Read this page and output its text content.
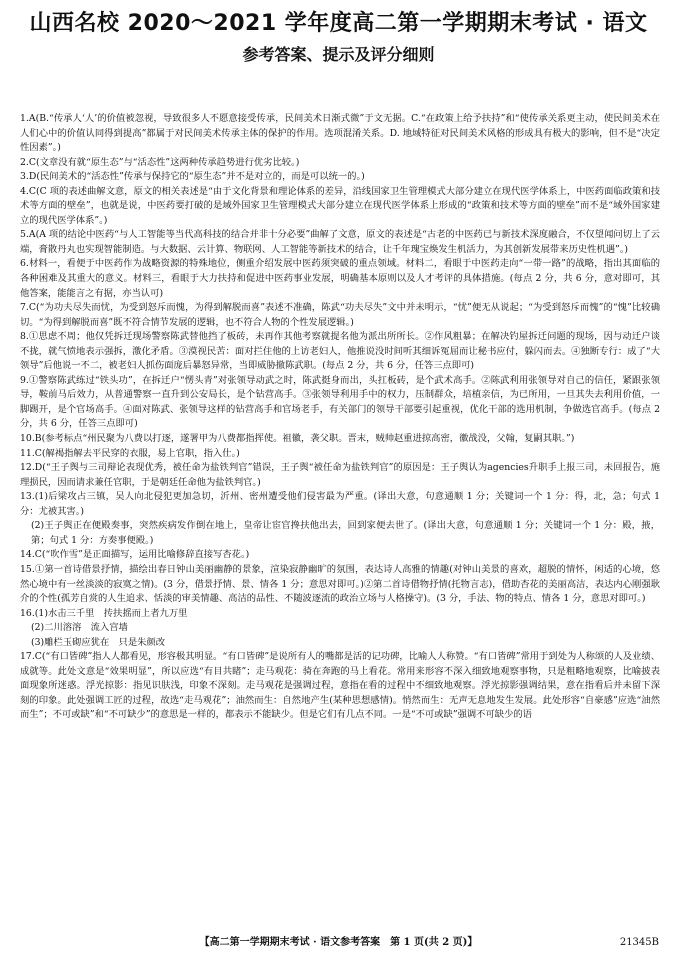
山西名校 2020～2021 学年度高二第一学期期末考试 · 语文
参考答案、提示及评分细则

1.A(B.“传承人‘人’的价值被忽视，导致很多人不愿意接受传承，民间美术日渐式微”于文无据。C.“在政策上给予扶持”和“使传承关系更主动，使民间美术在人们心中的价值认同得到提高”都属于对民间美术传承主体的保护的作用。选项混淆关系。D. 地域特征对民间美术风格的形成具有极大的影响，但不是“决定性因素”。)

2.C(文章没有就“原生态”与“活态性”这两种传承趋势进行优劣比较。)

3.D(民间美术的“活态性”传承与保持它的“原生态”并不是对立的，而是可以统一的。)

4.C(C 项的表述曲解文意，原文的相关表述是“由于文化背景和理论体系的差异，沿线国家卫生管理模式大部分建立在现代医学体系上，中医药面临政策和技术等方面的壁垒”，也就是说，中医药要打破的是域外国家卫生管理模式大部分建立在现代医学体系上形成的“政策和技术等方面的壁垒”而不是“域外国家建立的现代医学体系”。)

5.A(A 项的结论中医药“与人工智能等当代高科技的结合并非十分必要”曲解了文意，原文的表述是“古老的中医药已与新技术深度融合，不仅望闻问切上了云端，膏散丹丸也实现智能制造。与大数据、云计算、物联网、人工智能等新技术的结合，让千年瑰宝焕发生机活力，为其创新发展带来历史性机遇”。)

6.材料一，看便于中医药作为战略资源的特殊地位，侧重介绍发展中医药须突破的重点领域。材料二，看眼于中医药走向“一带一路”的战略，指出其面临的各种困难及其重大的意义。材料三，看眼于大力扶持和促进中医药事业发展，明确基本原则以及人才考评的具体措施。(每点 2 分，共 6 分，意对即可，其他答案，能能言之有据，亦当认可)

7.C(“为功夫尽失而忧，为受到怒斥而愧，为得到解脱而喜”表述不准确，陈武“功夫尽失”文中并未明示，“忧”便无从说起；“为受到怒斥而愧”的“愧”比较确切。“为得到解脱而喜”既不符合情节发展的逻辑，也不符合人物的个性发展逻辑。)

8.①思虑不周；他仅凭拆迁现场警察陈武替他挡了板砖，未再作其他考察就提名他为派出所所长。②作风粗暴；在解决钓屋拆迁问题的现场，因与动迁户谈不拢，就气愤地表示强拆，激化矛盾。③漠视民苦：面对拦住他的上访老妇人，他推说没时间听其细诉冤屈而让秘书应付，躲闪而去。④独断专行：成了“大领导”后他说一不二，被老妇人抓伤面庞后暴怒异常，当即威胁撤陈武职。(每点 2 分，共 6 分，任答三点即可)

9.①警察陈武练过“铁头功”，在拆迁户“愣头青”对张领导动武之时，陈武挺身而出，头扛板砖，是个武术高手。②陈武利用张领导对自己的信任，紧跟张领导，鞍前马后效力，从普通警察一直升到公安局长，是个钻营高手。③张领导利用手中的权力，压制群众，培植亲信，为已所用，一旦其失去利用价值，一脚踢开，是个官场高手。④面对陈武、张领导这样的钻营高手和官场老手，有关部门的领导干部要引起重视，优化干部的选用机制，争做选官高手。(每点 2 分，共 6 分，任答三点即可)

10.B(参考标点“州民聚为八费以打逐，遂署甲为八费都指挥使。祖徽，袭父职。晋末，贼帅赵重进掠高密，徽战没，父翰，复嗣其职。”)

11.C(解褐指解去平民穿的衣服，易上官职，指入仕。)

12.D(“王子舆与三司辩论表现优秀，被任命为盐铁判官”错误，王子舆“被任命为盐铁判官”的原因是：王子舆认为agencies升职手上报三司，未回报告，施理损民，因而请求兼任官职，于是朝廷任命他为盐铁判官。)

13.(1)后梁攻占三镇，吴人向北侵犯更加急切，沂州、密州遭受他们侵害最为严重。(译出大意，句意通顺 1 分；关键词一个 1 分：得，北，急；句式 1 分：尤被其害。)

(2)王子舆正在便殿奏事，突然疾病发作倒在地上，皇帝让宦官搀扶他出去，回到家便去世了。(译出大意，句意通顺 1 分；关键词一个 1 分：殿，掖，第；句式 1 分：方奏事便殿。)

14.C(“吹作雪”是正面描写，运用比喻修辞直接写杏花。)

15.①第一首诗借景抒情，描绘出春日钟山美丽幽静的景象，渲染寂静幽旷的氛围，表达诗人高雅的情趣(对钟山美景的喜欢，超脱的情怀，闲适的心境，悠然心境中有一丝淡淡的寂寞之情)。(3 分，借景抒情、景、情各 1 分；意思对即可。)②第二首诗借物抒情(托物言志)，借助杏花的美丽高洁，表达内心刚强耿介的个性(孤芳自赏的人生追求、恬淡的审美情趣、高洁的品性、不随波逐流的政治立场与人格操守)。(3 分，手法、物的特点、情各 1 分，意思对即可。)

16.(1)水击三千里　抟扶摇而上者九万里

(2)二川溶溶　流入宫墙

(3)雕栏玉砌应犹在　只是朱颜改

17.C(“有口皆碑”指人人都看见，形容极其明显。“有口皆碑”是说所有人的嘴都是活的记功碑，比喻人人称赞。“有口皆碑”常用于到处为人称颂的人及业绩、成就等。此处文意是“效果明显”，所以应选“有目共睹”；走马观花：骑在奔跑的马上看花。常用来形容不深入细致地观察事物，只是粗略地观察，比喻披表面现象所迷惑。浮光掠影：指见识肤浅，印象不深刻。走马观花是强调过程，意指在看的过程中不细致地观察。浮光掠影强调结果，意在指看后并未留下深刻的印象。此处强调工匠的过程，故选“走马观花”；油然而生：自然地产生(某种思想感情)。悄然而生：无声无息地发生发展。此处形容“自豪感”应选“油然而生”；不可或缺”和“不可缺少”的意思是一样的，都表示不能缺少。但是它们有几点不同。一是“不可或缺”强调不可缺少的语

【高二第一学期期末考试 · 语文参考答案　第 1 页(共 2 页)】	21345B
